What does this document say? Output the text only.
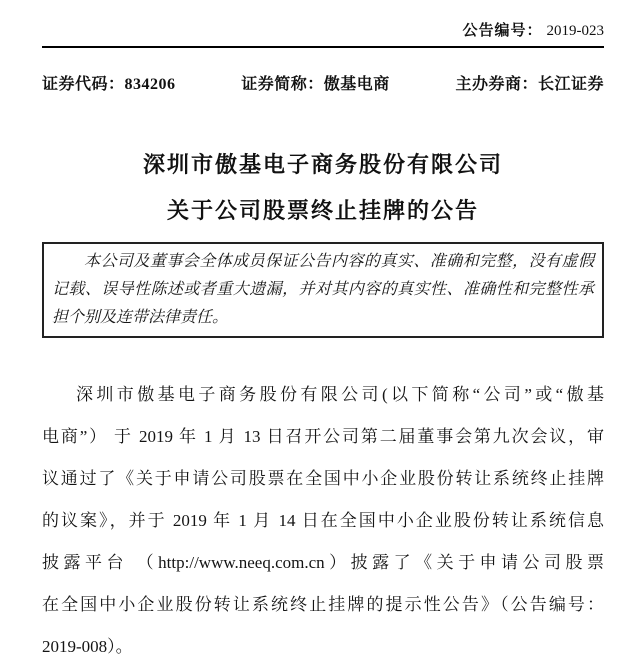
公告编号： 2019-023
证券代码：834206	证券简称：傲基电商	主办券商：长江证券
深圳市傲基电子商务股份有限公司
关于公司股票终止挂牌的公告
本公司及董事会全体成员保证公告内容的真实、准确和完整，没有虚假
记载、误导性陈述或者重大遗漏，并对其内容的真实性、准确性和完整性承
担个别及连带法律责任。
深圳市傲基电子商务股份有限公司(以下简称“公司”或“傲基
电商”） 于 2019 年 1 月 13 日召开公司第二届董事会第九次会议，审
议通过了《关于申请公司股票在全国中小企业股份转让系统终止挂牌
的议案》，并于 2019 年 1 月 14 日在全国中小企业股份转让系统信息
披露平台 （http://www.neeq.com.cn）披露了《关于申请公司股票
在全国中小企业股份转让系统终止挂牌的提示性公告》（公告编号：
2019-008）。
